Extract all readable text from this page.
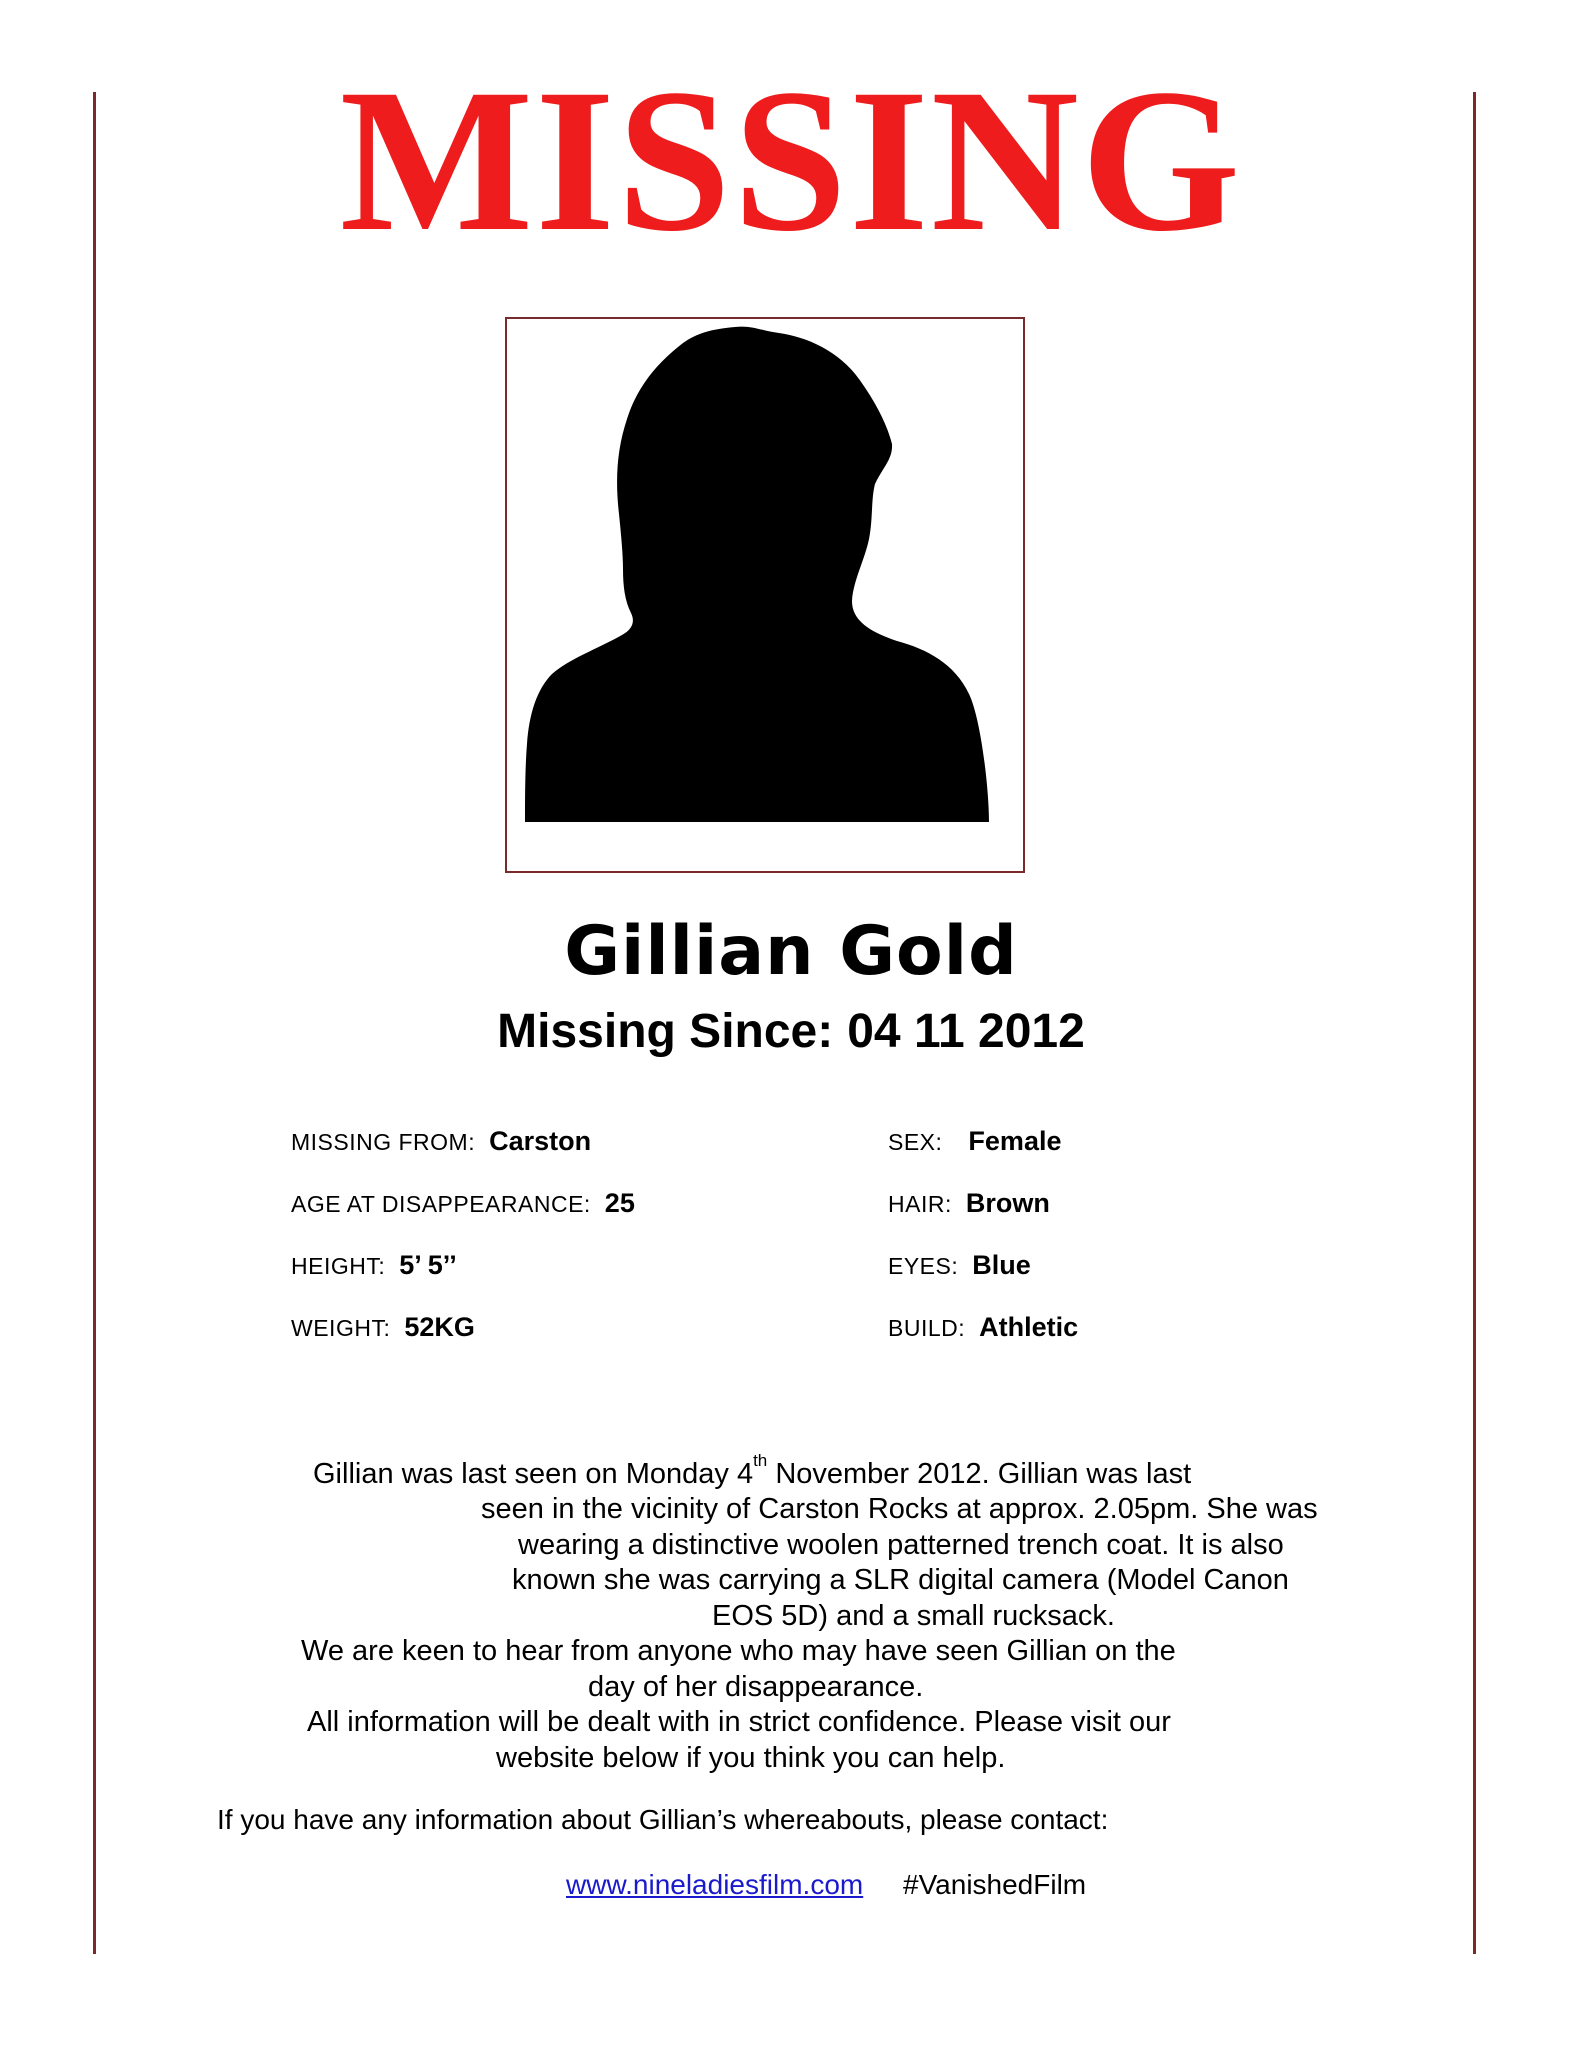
MISSING
Gillian Gold
Missing Since: 04 11 2012
MISSING FROM: Carston
AGE AT DISAPPEARANCE: 25
HEIGHT: 5’ 5’’
WEIGHT: 52KG
SEX: Female
HAIR: Brown
EYES: Blue
BUILD: Athletic
Gillian was last seen on Monday 4th November 2012. Gillian was last
seen in the vicinity of Carston Rocks at approx. 2.05pm. She was
wearing a distinctive woolen patterned trench coat. It is also
known she was carrying a SLR digital camera (Model Canon
EOS 5D) and a small rucksack.
We are keen to hear from anyone who may have seen Gillian on the
day of her disappearance.
All information will be dealt with in strict confidence. Please visit our
website below if you think you can help.
If you have any information about Gillian’s whereabouts, please contact:
www.nineladiesfilm.com #VanishedFilm
